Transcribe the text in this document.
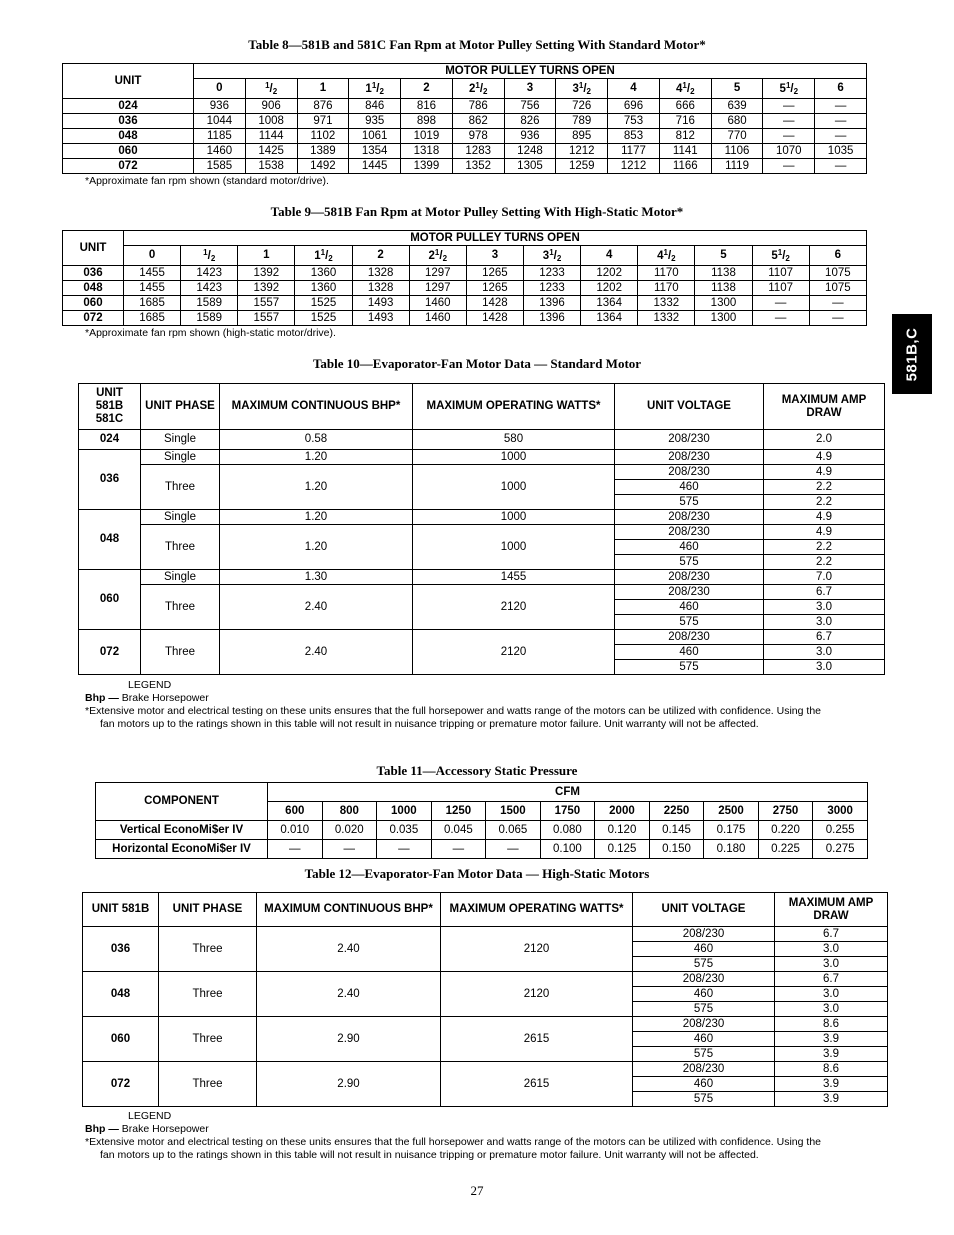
Table 8—581B and 581C Fan Rpm at Motor Pulley Setting With Standard Motor*
UNIT	MOTOR PULLEY TURNS OPEN												
	0	$^1/_2$	1	$1^1/_2$	2	$2^1/_2$	3	$3^1/_2$	4	$4^1/_2$	5	$5^1/_2$	6
024	936	906	876	846	816	786	756	726	696	666	639	—	—
036	1044	1008	971	935	898	862	826	789	753	716	680	—	—
048	1185	1144	1102	1061	1019	978	936	895	853	812	770	—	—
060	1460	1425	1389	1354	1318	1283	1248	1212	1177	1141	1106	1070	1035
072	1585	1538	1492	1445	1399	1352	1305	1259	1212	1166	1119	—	—
*Approximate fan rpm shown (standard motor/drive).
Table 9—581B Fan Rpm at Motor Pulley Setting With High-Static Motor*
UNIT	MOTOR PULLEY TURNS OPEN												
	0	$^1/_2$	1	$1^1/_2$	2	$2^1/_2$	3	$3^1/_2$	4	$4^1/_2$	5	$5^1/_2$	6
036	1455	1423	1392	1360	1328	1297	1265	1233	1202	1170	1138	1107	1075
048	1455	1423	1392	1360	1328	1297	1265	1233	1202	1170	1138	1107	1075
060	1685	1589	1557	1525	1493	1460	1428	1396	1364	1332	1300	—	—
072	1685	1589	1557	1525	1493	1460	1428	1396	1364	1332	1300	—	—
*Approximate fan rpm shown (high-static motor/drive).	581B,C
Table 10—Evaporator-Fan Motor Data — Standard Motor
UNIT 581B 581C	UNIT PHASE	MAXIMUM CONTINUOUS BHP*	MAXIMUM OPERATING WATTS*	UNIT VOLTAGE	MAXIMUM AMP DRAW
024	Single	0.58	580	208/230	2.0
036	Single	1.20	1000	208/230	4.9
	Three	1.20	1000	208/230	4.9
				460	2.2
				575	2.2
048	Single	1.20	1000	208/230	4.9
	Three	1.20	1000	208/230	4.9
				460	2.2
				575	2.2
060	Single	1.30	1455	208/230	7.0
	Three	2.40	2120	208/230	6.7
				460	3.0
				575	3.0
072	Three	2.40	2120	208/230	6.7
				460	3.0
				575	3.0
LEGEND
Bhp — Brake Horsepower
*Extensive motor and electrical testing on these units ensures that the full horsepower and watts range of the motors can be utilized with confidence. Using the
fan motors up to the ratings shown in this table will not result in nuisance tripping or premature motor failure. Unit warranty will not be affected.
Table 11—Accessory Static Pressure
COMPONENT	CFM										
	600	800	1000	1250	1500	1750	2000	2250	2500	2750	3000
Vertical EconoMi$er IV	0.010	0.020	0.035	0.045	0.065	0.080	0.120	0.145	0.175	0.220	0.255
Horizontal EconoMi$er IV	—	—	—	—	—	0.100	0.125	0.150	0.180	0.225	0.275
Table 12—Evaporator-Fan Motor Data — High-Static Motors
UNIT 581B	UNIT PHASE	MAXIMUM CONTINUOUS BHP*	MAXIMUM OPERATING WATTS*	UNIT VOLTAGE	MAXIMUM AMP DRAW
036	Three	2.40	2120	208/230	6.7
				460	3.0
				575	3.0
048	Three	2.40	2120	208/230	6.7
				460	3.0
				575	3.0
060	Three	2.90	2615	208/230	8.6
				460	3.9
				575	3.9
072	Three	2.90	2615	208/230	8.6
				460	3.9
				575	3.9
LEGEND
Bhp — Brake Horsepower
*Extensive motor and electrical testing on these units ensures that the full horsepower and watts range of the motors can be utilized with confidence. Using the
fan motors up to the ratings shown in this table will not result in nuisance tripping or premature motor failure. Unit warranty will not be affected.
27
